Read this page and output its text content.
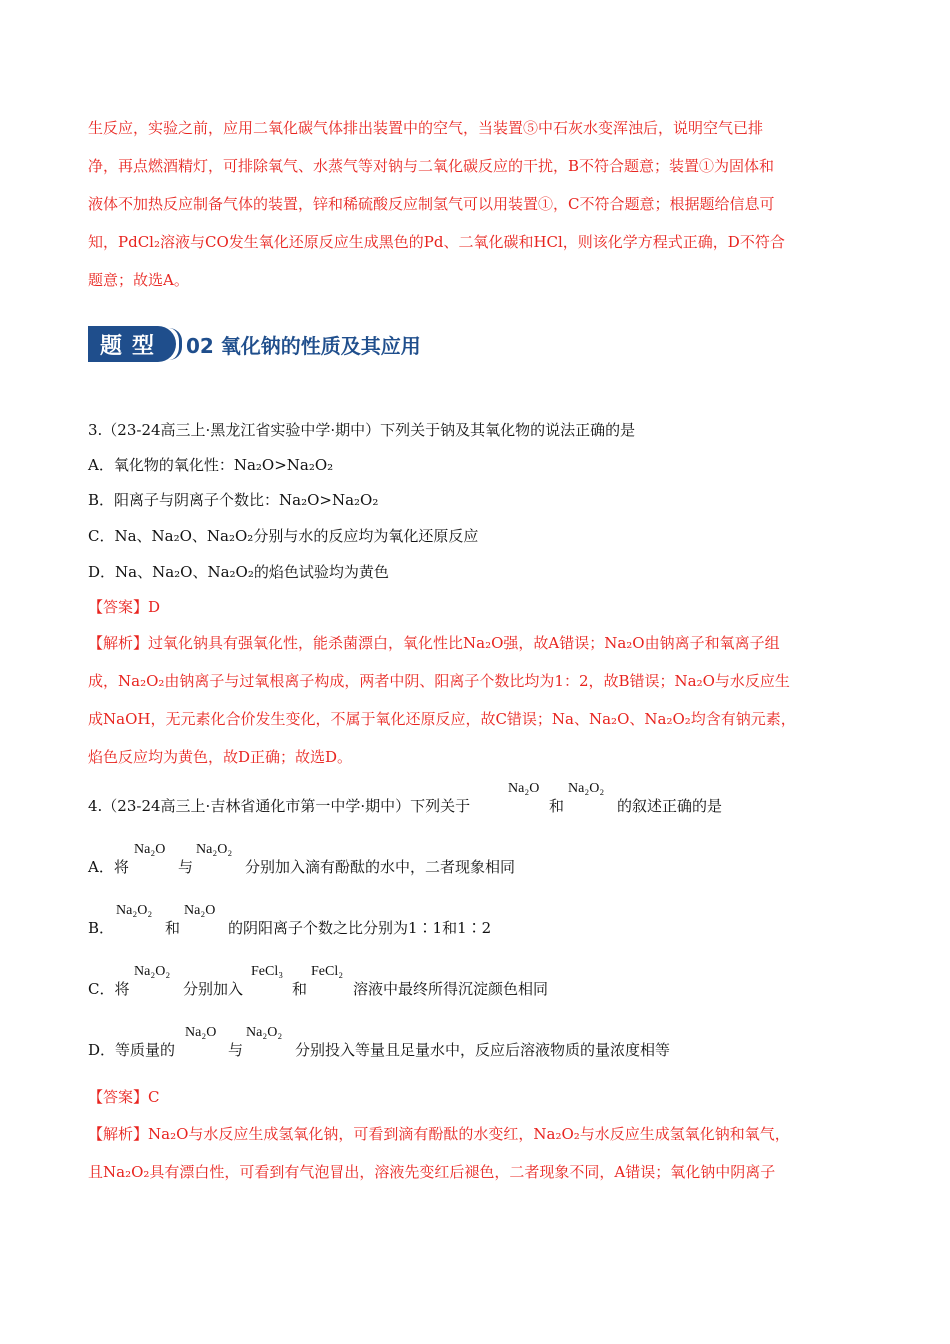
生反应，实验之前，应用二氧化碳气体排出装置中的空气，当装置⑤中石灰水变浑浊后，说明空气已排
净，再点燃酒精灯，可排除氧气、水蒸气等对钠与二氧化碳反应的干扰，B不符合题意；装置①为固体和
液体不加热反应制备气体的装置，锌和稀硫酸反应制氢气可以用装置①，C不符合题意；根据题给信息可
知，PdCl₂溶液与CO发生氧化还原反应生成黑色的Pd、二氧化碳和HCl，则该化学方程式正确，D不符合
题意；故选A。
题型	02 氧化钠的性质及其应用
3.（23-24高三上·黑龙江省实验中学·期中）下列关于钠及其氧化物的说法正确的是
A．氧化物的氧化性：Na₂O>Na₂O₂
B．阳离子与阴离子个数比：Na₂O>Na₂O₂
C．Na、Na₂O、Na₂O₂分别与水的反应均为氧化还原反应
D．Na、Na₂O、Na₂O₂的焰色试验均为黄色
【答案】D
【解析】过氧化钠具有强氧化性，能杀菌漂白，氧化性比Na₂O强，故A错误；Na₂O由钠离子和氧离子组
成，Na₂O₂由钠离子与过氧根离子构成，两者中阴、阳离子个数比均为1：2，故B错误；Na₂O与水反应生
成NaOH，无元素化合价发生变化，不属于氧化还原反应，故C错误；Na、Na₂O、Na₂O₂均含有钠元素，
焰色反应均为黄色，故D正确；故选D。
4.（23-24高三上·吉林省通化市第一中学·期中）下列关于
Na₂O
和
Na₂O₂
的叙述正确的是
A．将
Na₂O
与
Na₂O₂
分别加入滴有酚酞的水中，二者现象相同
B．
Na₂O₂
和
Na₂O
的阴阳离子个数之比分别为1∶1和1∶2
C．将
Na₂O₂
分别加入
FeCl₃
和
FeCl₂
溶液中最终所得沉淀颜色相同
D．等质量的
Na₂O
与
Na₂O₂
分别投入等量且足量水中，反应后溶液物质的量浓度相等
【答案】C
【解析】Na₂O与水反应生成氢氧化钠，可看到滴有酚酞的水变红，Na₂O₂与水反应生成氢氧化钠和氧气，
且Na₂O₂具有漂白性，可看到有气泡冒出，溶液先变红后褪色，二者现象不同，A错误；氧化钠中阴离子
